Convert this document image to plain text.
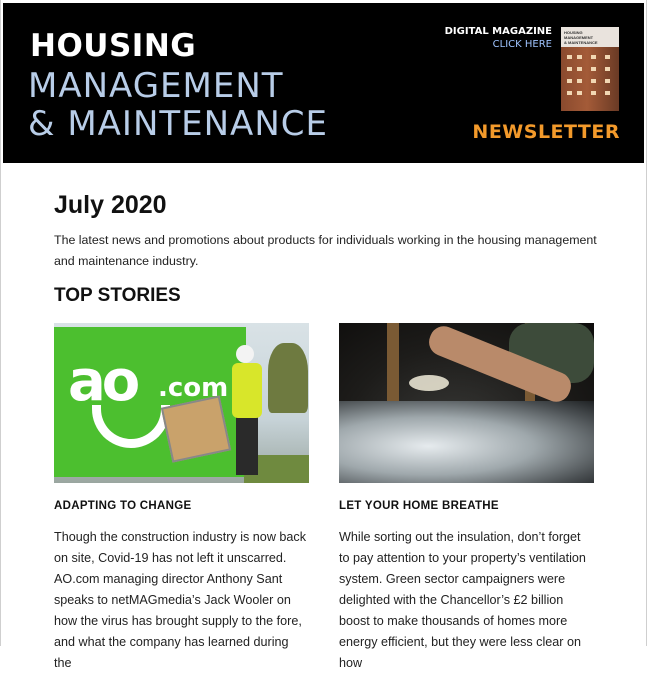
HOUSING
MANAGEMENT
& MAINTENANCE
DIGITAL MAGAZINE
CLICK HERE
HOUSING
MANAGEMENT
& MAINTENANCE
NEWSLETTER
July 2020
The latest news and promotions about products for individuals working in the housing management and maintenance industry.
TOP STORIES
ao .com
ADAPTING TO CHANGE

Though the construction industry is now back on site, Covid-19 has not left it unscarred. AO.com managing director Anthony Sant speaks to netMAGmedia’s Jack Wooler on how the virus has brought supply to the fore, and what the company has learned during the

LET YOUR HOME BREATHE

While sorting out the insulation, don’t forget to pay attention to your property’s ventilation system. Green sector campaigners were delighted with the Chancellor’s £2 billion boost to make thousands of homes more energy efficient, but they were less clear on how
